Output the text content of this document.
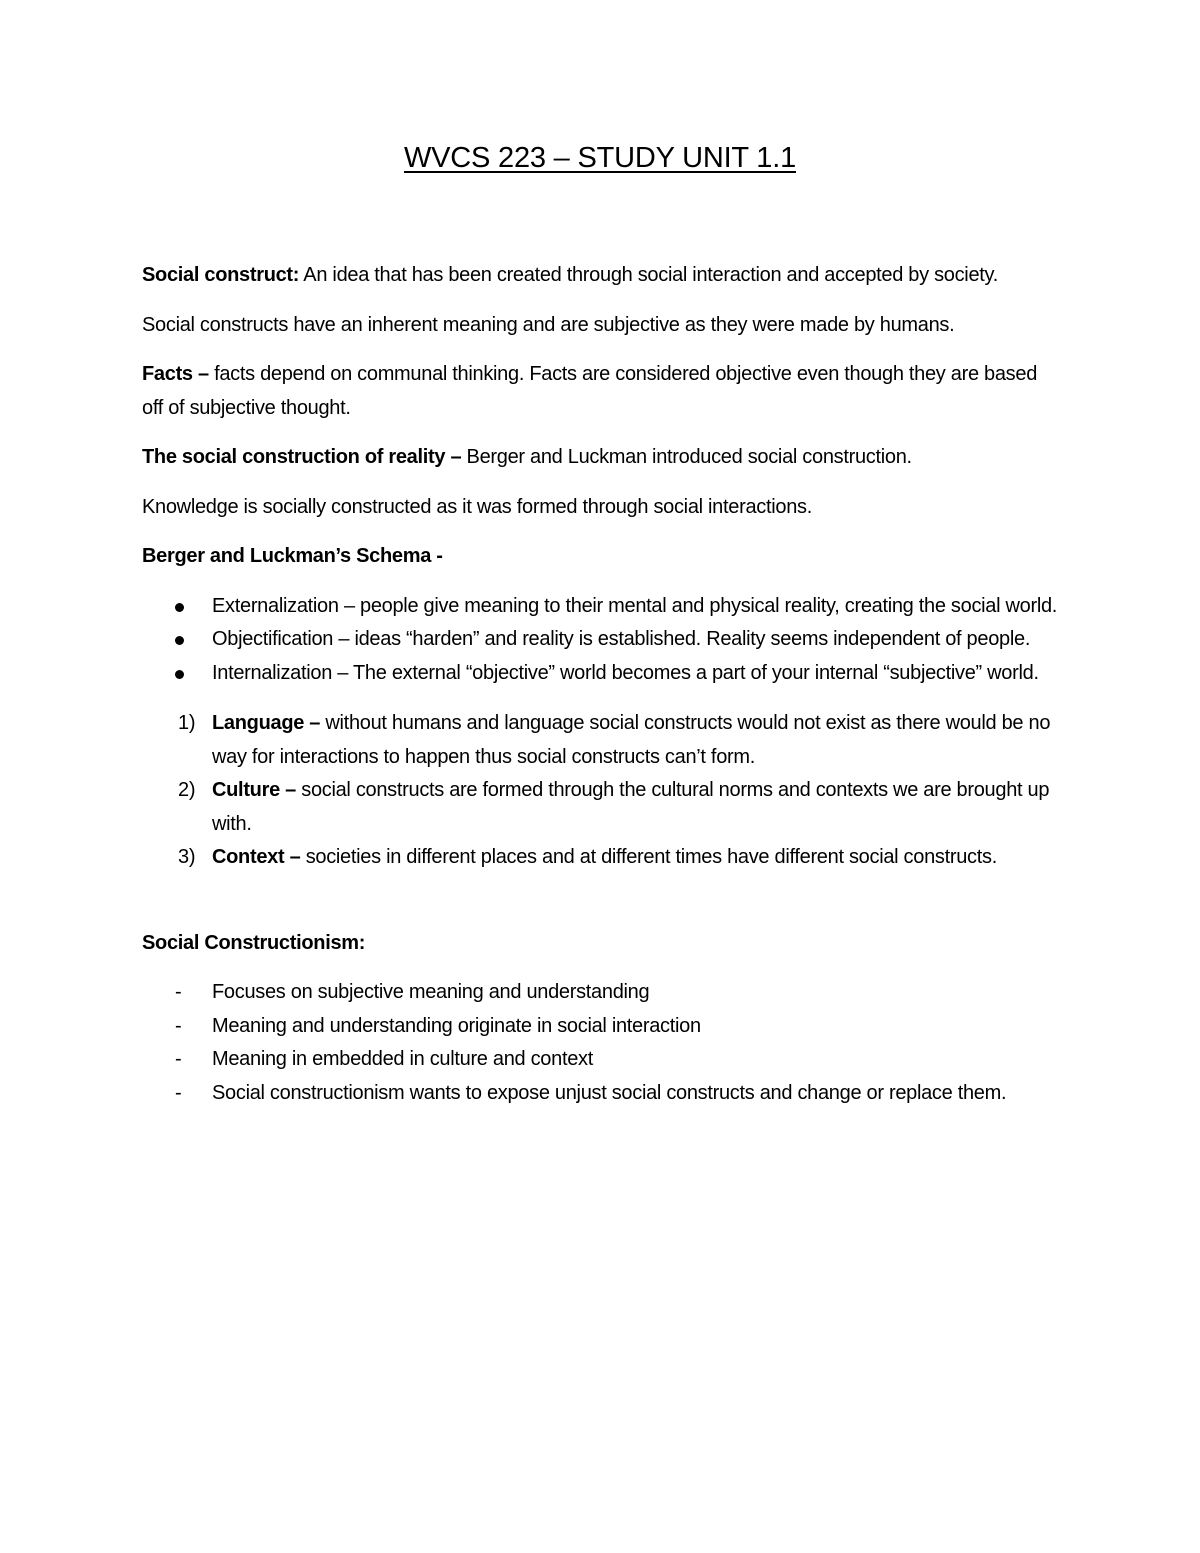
WVCS 223 – STUDY UNIT 1.1

Social construct: An idea that has been created through social interaction and accepted by society.

Social constructs have an inherent meaning and are subjective as they were made by humans.

Facts – facts depend on communal thinking. Facts are considered objective even though they are based off of subjective thought.

The social construction of reality – Berger and Luckman introduced social construction.

Knowledge is socially constructed as it was formed through social interactions.

Berger and Luckman’s Schema -

Externalization – people give meaning to their mental and physical reality, creating the social world.
Objectification – ideas “harden” and reality is established. Reality seems independent of people.
Internalization – The external “objective” world becomes a part of your internal “subjective” world.
1) Language – without humans and language social constructs would not exist as there would be no way for interactions to happen thus social constructs can’t form.
2) Culture – social constructs are formed through the cultural norms and contexts we are brought up with.
3) Context – societies in different places and at different times have different social constructs.

Social Constructionism:

- Focuses on subjective meaning and understanding
- Meaning and understanding originate in social interaction
- Meaning in embedded in culture and context
- Social constructionism wants to expose unjust social constructs and change or replace them.
